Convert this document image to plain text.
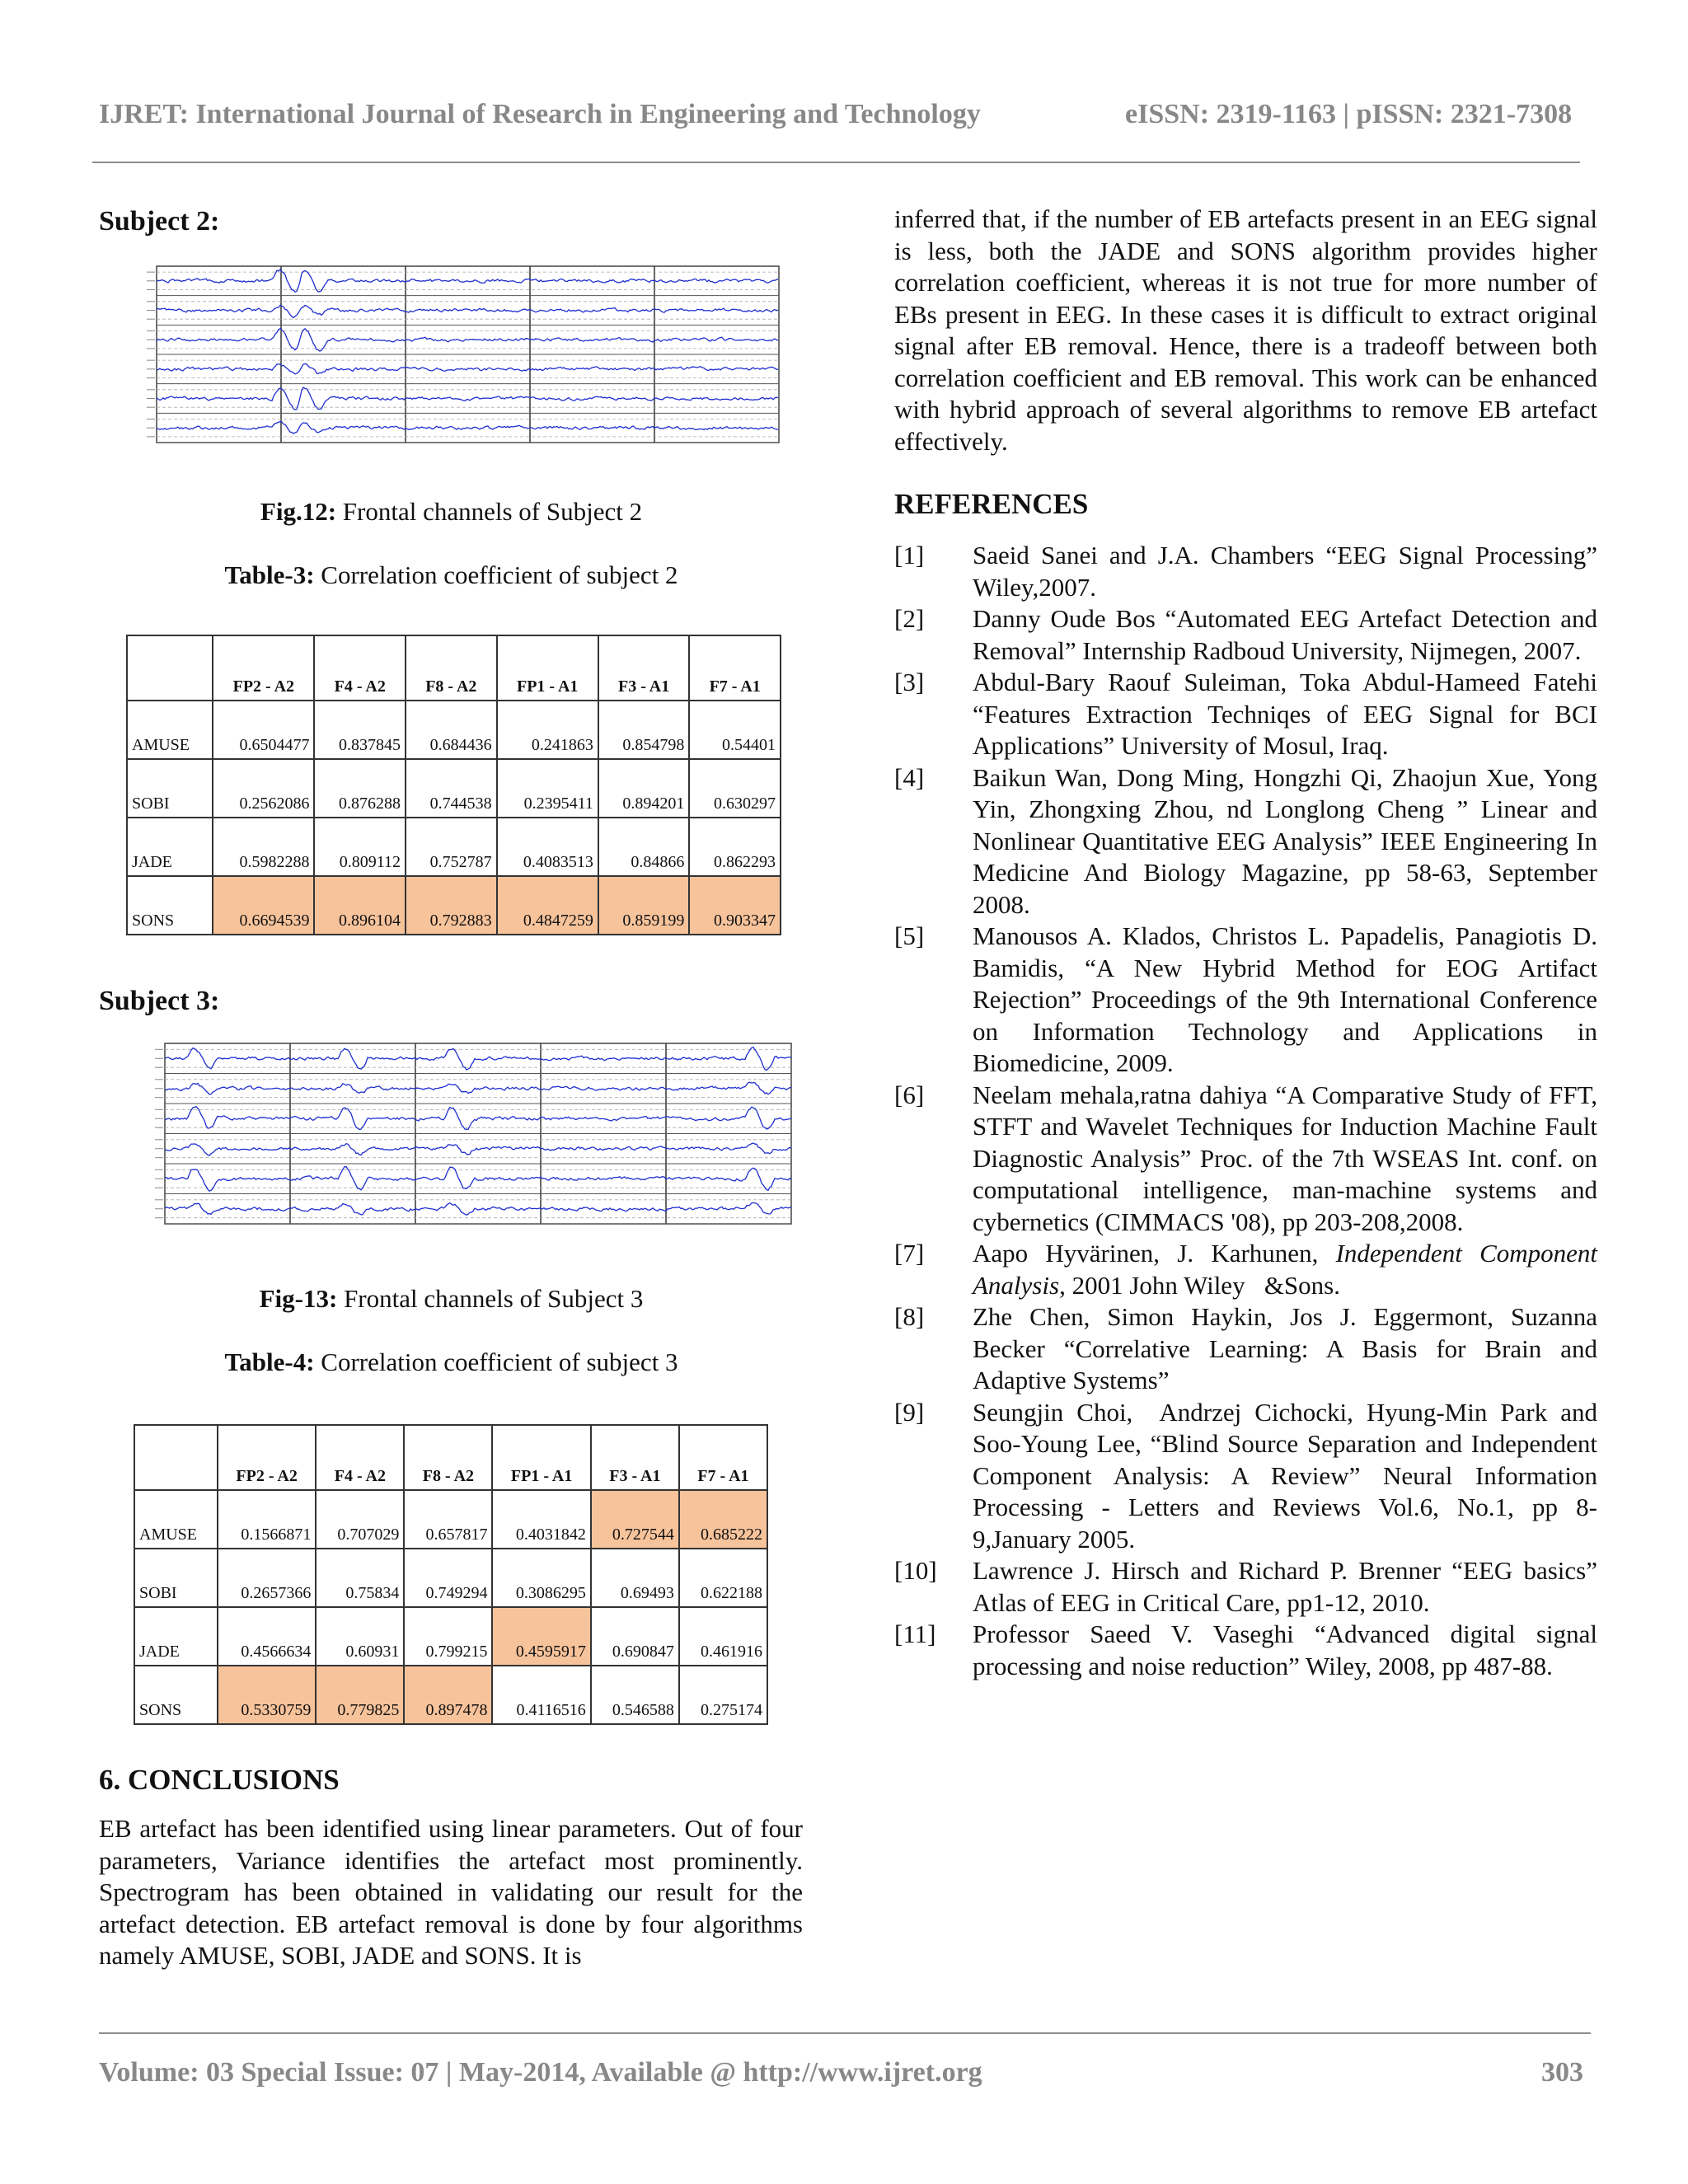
IJRET: International Journal of Research in Engineering and Technology	eISSN: 2319-1163 | pISSN: 2321-7308
Subject 2:
Fig.12: Frontal channels of Subject 2
Table-3: Correlation coefficient of subject 2
	FP2 - A2	F4 - A2	F8 - A2	FP1 - A1	F3 - A1	F7 - A1
AMUSE	0.6504477	0.837845	0.684436	0.241863	0.854798	0.54401
SOBI	0.2562086	0.876288	0.744538	0.2395411	0.894201	0.630297
JADE	0.5982288	0.809112	0.752787	0.4083513	0.84866	0.862293
SONS	0.6694539	0.896104	0.792883	0.4847259	0.859199	0.903347
Subject 3:
Fig-13: Frontal channels of Subject 3
Table-4: Correlation coefficient of subject 3
	FP2 - A2	F4 - A2	F8 - A2	FP1 - A1	F3 - A1	F7 - A1
AMUSE	0.1566871	0.707029	0.657817	0.4031842	0.727544	0.685222
SOBI	0.2657366	0.75834	0.749294	0.3086295	0.69493	0.622188
JADE	0.4566634	0.60931	0.799215	0.4595917	0.690847	0.461916
SONS	0.5330759	0.779825	0.897478	0.4116516	0.546588	0.275174
6. CONCLUSIONS

EB artefact has been identified using linear parameters. Out of four parameters, Variance identifies the artefact most prominently. Spectrogram has been obtained in validating our result for the artefact detection. EB artefact removal is done by four algorithms namely AMUSE, SOBI, JADE and SONS. It is

inferred that, if the number of EB artefacts present in an EEG signal is less, both the JADE and SONS algorithm provides higher correlation coefficient, whereas it is not true for more number of EBs present in EEG. In these cases it is difficult to extract original signal after EB removal. Hence, there is a tradeoff between both correlation coefficient and EB removal. This work can be enhanced with hybrid approach of several algorithms to remove EB artefact effectively.

REFERENCES
[1]	Saeid Sanei and J.A. Chambers “EEG Signal Processing” Wiley,2007.
[2]	Danny Oude Bos “Automated EEG Artefact Detection and Removal” Internship Radboud University, Nijmegen, 2007.
[3]	Abdul-Bary Raouf Suleiman, Toka Abdul-Hameed Fatehi “Features Extraction Techniqes of EEG Signal for BCI Applications” University of Mosul, Iraq.
[4]	Baikun Wan, Dong Ming, Hongzhi Qi, Zhaojun Xue, Yong Yin, Zhongxing Zhou, nd Longlong Cheng ” Linear and Nonlinear Quantitative EEG Analysis” IEEE Engineering In Medicine And Biology Magazine, pp 58-63, September 2008.
[5]	Manousos A. Klados, Christos L. Papadelis, Panagiotis D. Bamidis, “A New Hybrid Method for EOG Artifact Rejection” Proceedings of the 9th International Conference on Information Technology and Applications in Biomedicine, 2009.
[6]	Neelam mehala,ratna dahiya “A Comparative Study of FFT, STFT and Wavelet Techniques for Induction Machine Fault Diagnostic Analysis” Proc. of the 7th WSEAS Int. conf. on computational intelligence, man-machine systems and cybernetics (CIMMACS '08), pp 203-208,2008.
[7]	Aapo Hyvärinen, J. Karhunen, Independent Component Analysis, 2001 John Wiley   &Sons.
[8]	Zhe Chen, Simon Haykin, Jos J. Eggermont, Suzanna Becker “Correlative Learning: A Basis for Brain and Adaptive Systems”
[9]	Seungjin Choi,  Andrzej Cichocki, Hyung-Min Park and Soo-Young Lee, “Blind Source Separation and Independent Component Analysis: A Review” Neural Information Processing - Letters and Reviews Vol.6, No.1, pp 8-9,January 2005.
[10]	Lawrence J. Hirsch and Richard P. Brenner “EEG basics” Atlas of EEG in Critical Care, pp1-12, 2010.
[11]	Professor Saeed V. Vaseghi “Advanced digital signal processing and noise reduction” Wiley, 2008, pp 487-88.
Volume: 03 Special Issue: 07 | May-2014, Available @ http://www.ijret.org	303
